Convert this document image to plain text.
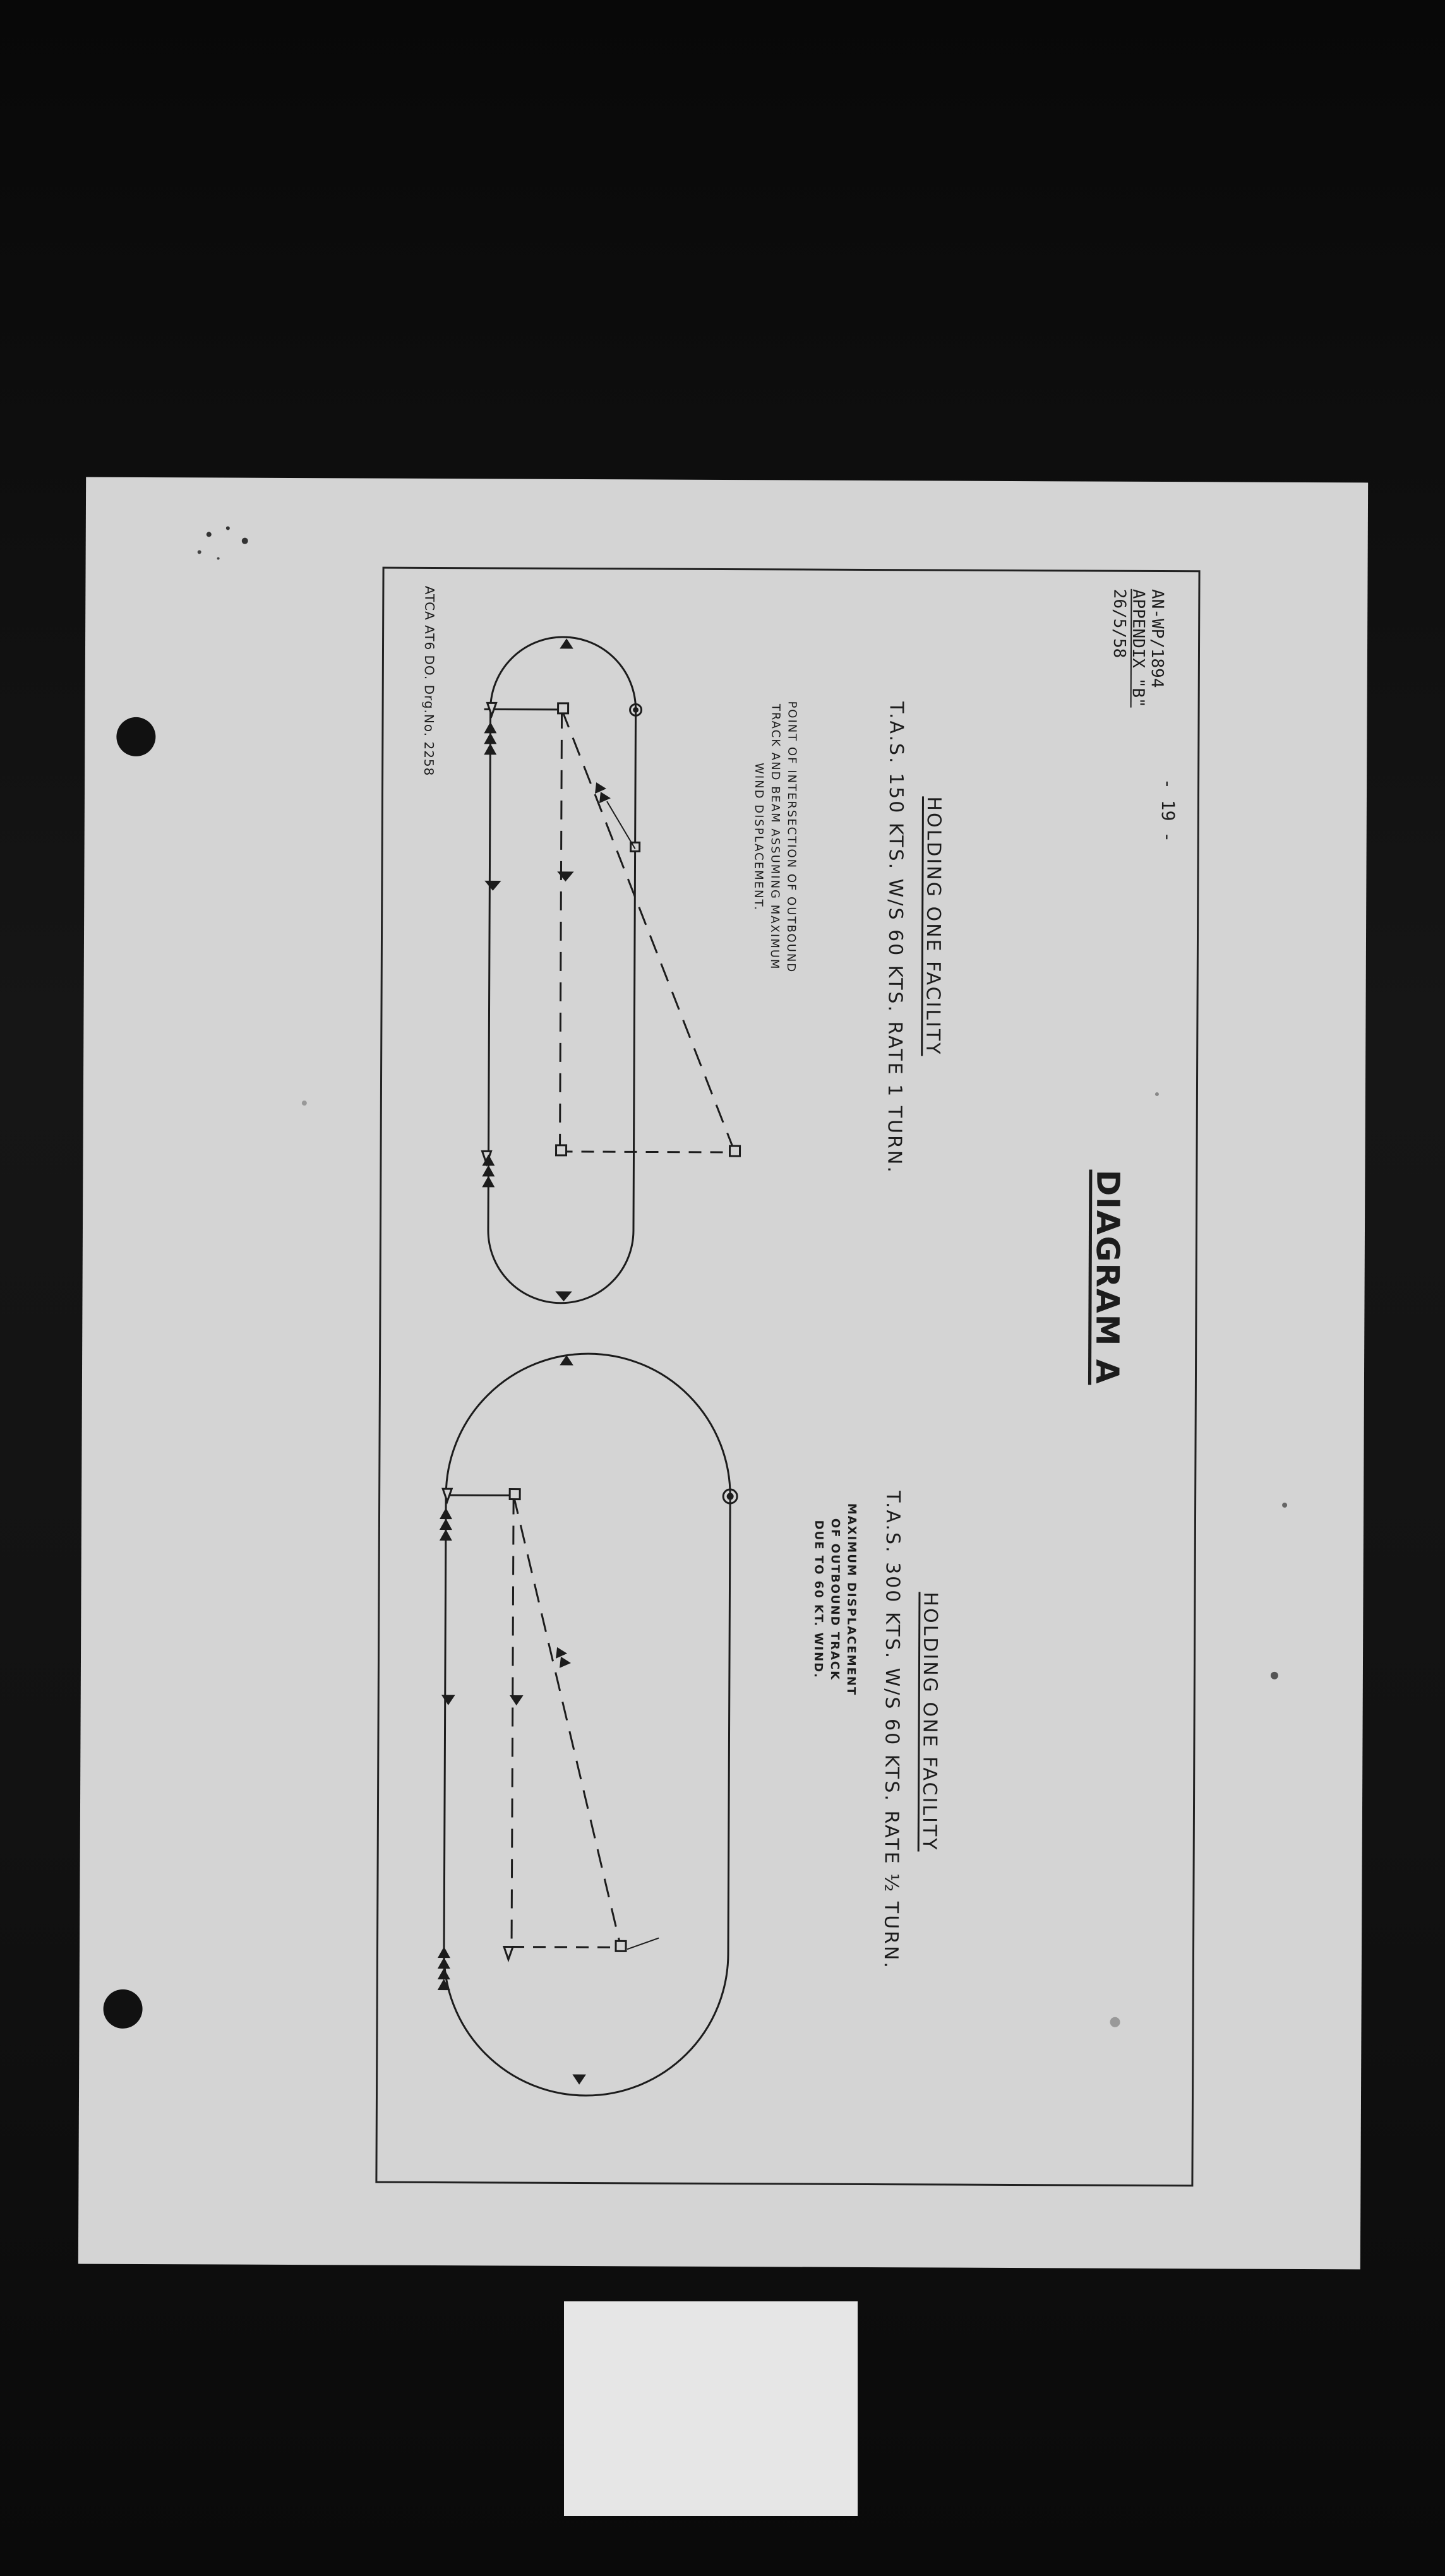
AN-WP/1894
APPENDIX "B"
26/5/58
- 19 -
DIAGRAM A
HOLDING ONE FACILITY
T.A.S. 150 KTS. W/S 60 KTS. RATE 1 TURN.
HOLDING ONE FACILITY
T.A.S. 300 KTS. W/S 60 KTS. RATE ½ TURN.
POINT OF INTERSECTION OF OUTBOUND
TRACK AND BEAM ASSUMING MAXIMUM
WIND DISPLACEMENT.
MAXIMUM DISPLACEMENT
OF OUTBOUND TRACK
DUE TO 60 KT. WIND.
ATCA AT6 DO. Drg.No. 2258
